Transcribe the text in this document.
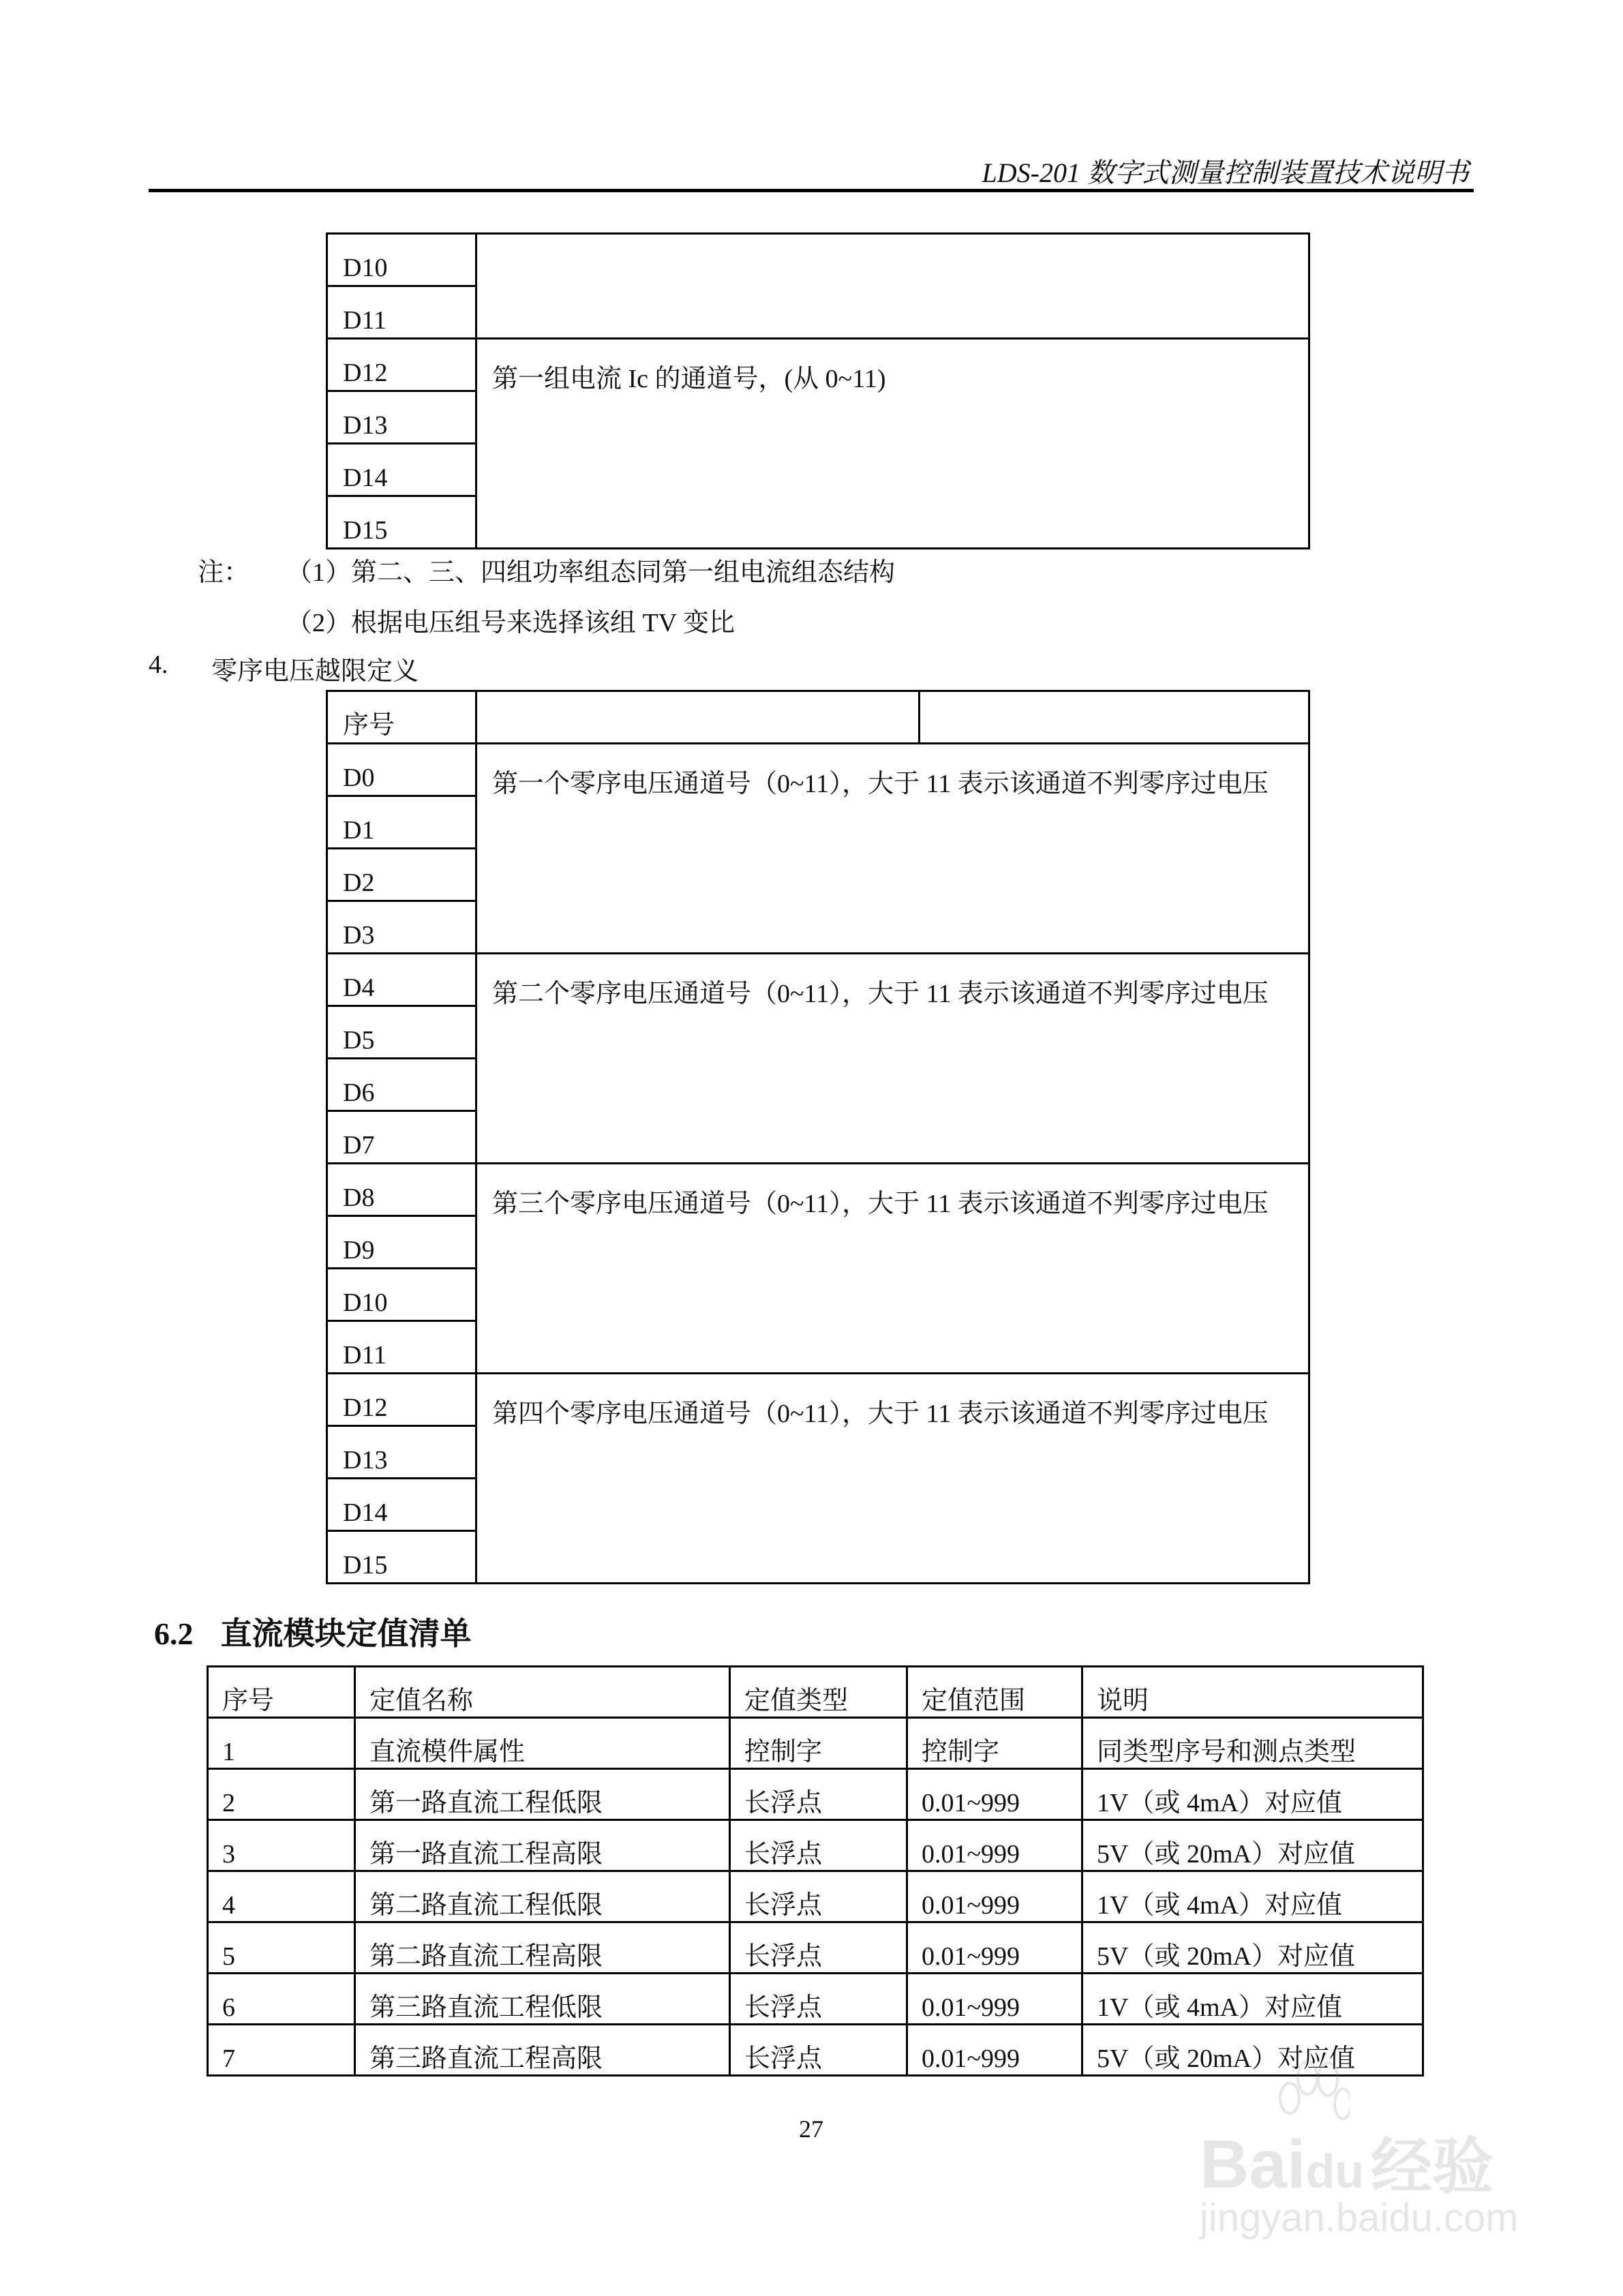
LDS-201 数字式测量控制装置技术说明书
D10	
D11	
D12	第一组电流 Ic 的通道号，(从 0~11)
D13	
D14	
D15	
注： （1）第二、三、四组功率组态同第一组电流组态结构
（2）根据电压组号来选择该组 TV 变比
4. 零序电压越限定义
序号		
D0	第一个零序电压通道号（0~11），大于 11 表示该通道不判零序过电压	
D1		
D2		
D3		
D4	第二个零序电压通道号（0~11），大于 11 表示该通道不判零序过电压	
D5		
D6		
D7		
D8	第三个零序电压通道号（0~11），大于 11 表示该通道不判零序过电压	
D9		
D10		
D11		
D12	第四个零序电压通道号（0~11），大于 11 表示该通道不判零序过电压	
D13		
D14		
D15		
6.2 直流模块定值清单
序号	定值名称	定值类型	定值范围	说明
1	直流模件属性	控制字	控制字	同类型序号和测点类型
2	第一路直流工程低限	长浮点	0.01~999	1V（或 4mA）对应值
3	第一路直流工程高限	长浮点	0.01~999	5V（或 20mA）对应值
4	第二路直流工程低限	长浮点	0.01~999	1V（或 4mA）对应值
5	第二路直流工程高限	长浮点	0.01~999	5V（或 20mA）对应值
6	第三路直流工程低限	长浮点	0.01~999	1V（或 4mA）对应值
7	第三路直流工程高限	长浮点	0.01~999	5V（或 20mA）对应值
27	Baidu 经验
jingyan.baidu.com
